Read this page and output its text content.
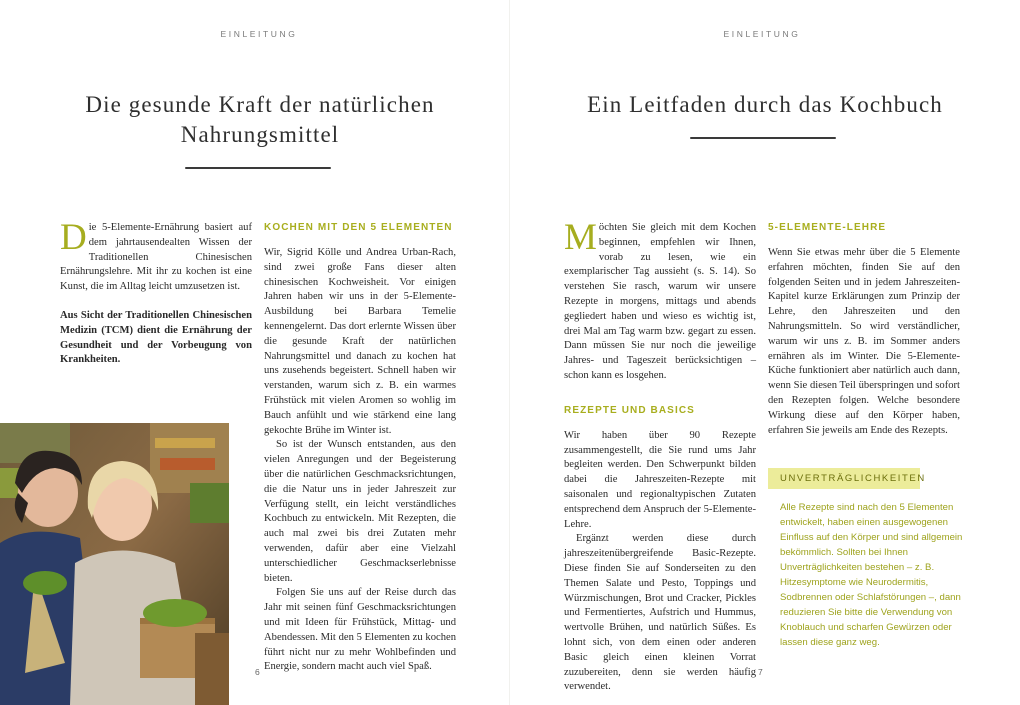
EINLEITUNG
Die gesunde Kraft der natürlichen
Nahrungsmittel

Die 5-Elemente-Ernährung basiert auf dem jahrtausendealten Wissen der Traditionellen Chinesischen Ernährungslehre. Mit ihr zu kochen ist eine Kunst, die im Alltag leicht umzusetzen ist.

Aus Sicht der Traditionellen Chinesischen Medizin (TCM) dient die Ernährung der Gesundheit und der Vorbeugung von Krankheiten.

KOCHEN MIT DEN 5 ELEMENTEN

Wir, Sigrid Kölle und Andrea Urban-Rach, sind zwei große Fans dieser alten chinesischen Kochweisheit. Vor einigen Jahren haben wir uns in der 5-Elemente-Ausbildung bei Barbara Temelie kennengelernt. Das dort erlernte Wissen über die gesunde Kraft der natürlichen Nahrungsmittel und danach zu kochen hat uns zusehends begeistert. Schnell haben wir verstanden, warum sich z. B. ein warmes Frühstück mit vielen Aromen so wohlig im Bauch anfühlt und wie stärkend eine lang gekochte Brühe im Winter ist.

So ist der Wunsch entstanden, aus den vielen Anregungen und der Begeisterung über die natürlichen Geschmacksrichtungen, die die Natur uns in jeder Jahreszeit zur Verfügung stellt, ein leicht verständliches Kochbuch zu entwickeln. Mit Rezepten, die auch mal zwei bis drei Zutaten mehr verwenden, dafür aber eine Vielzahl unterschiedlicher Geschmackserlebnisse bieten.

Folgen Sie uns auf der Reise durch das Jahr mit seinen fünf Geschmacksrichtungen und mit Ideen für Frühstück, Mittag- und Abendessen. Mit den 5 Elementen zu kochen führt nicht nur zu mehr Wohlbefinden und Energie, sondern macht auch viel Spaß.

6
EINLEITUNG
Ein Leitfaden durch das Kochbuch

Möchten Sie gleich mit dem Kochen beginnen, empfehlen wir Ihnen, vorab zu lesen, wie ein exemplarischer Tag aussieht (s. S. 14). So verstehen Sie rasch, warum wir unsere Rezepte in morgens, mittags und abends gegliedert haben und wieso es wichtig ist, drei Mal am Tag warm bzw. gegart zu essen. Dann müssen Sie nur noch die jeweilige Jahres- und Tageszeit berücksichtigen – schon kann es losgehen.

REZEPTE UND BASICS

Wir haben über 90 Rezepte zusammengestellt, die Sie rund ums Jahr begleiten werden. Den Schwerpunkt bilden dabei die Jahreszeiten-Rezepte mit saisonalen und regionaltypischen Zutaten entsprechend dem Anspruch der 5-Elemente-Lehre.

Ergänzt werden diese durch jahreszeitenübergreifende Basic-Rezepte. Diese finden Sie auf Sonderseiten zu den Themen Salate und Pesto, Toppings und Würzmischungen, Brot und Cracker, Pickles und Fermentiertes, Aufstrich und Hummus, wertvolle Brühen, und natürlich Süßes. Es lohnt sich, von dem einen oder anderen Basic gleich einen kleinen Vorrat zuzubereiten, denn sie werden häufig verwendet.

5-ELEMENTE-LEHRE

Wenn Sie etwas mehr über die 5 Elemente erfahren möchten, finden Sie auf den folgenden Seiten und in jedem Jahreszeiten-Kapitel kurze Erklärungen zum Prinzip der Lehre, den Jahreszeiten und den Nahrungsmitteln. So wird verständlicher, warum wir uns z. B. im Sommer anders ernähren als im Winter. Die 5-Elemente-Küche funktioniert aber natürlich auch dann, wenn Sie diesen Teil überspringen und sofort den Rezepten folgen. Welche besondere Wirkung diese auf den Körper haben, erfahren Sie jeweils am Ende des Rezepts.

UNVERTRÄGLICHKEITEN
Alle Rezepte sind nach den 5 Elementen entwickelt, haben einen ausgewogenen Einfluss auf den Körper und sind allgemein bekömmlich. Sollten bei Ihnen Unverträglichkeiten bestehen – z. B. Hitzesymptome wie Neurodermitis, Sodbrennen oder Schlafstörungen –, dann reduzieren Sie bitte die Verwendung von Knoblauch und scharfen Gewürzen oder lassen diese ganz weg.
7
